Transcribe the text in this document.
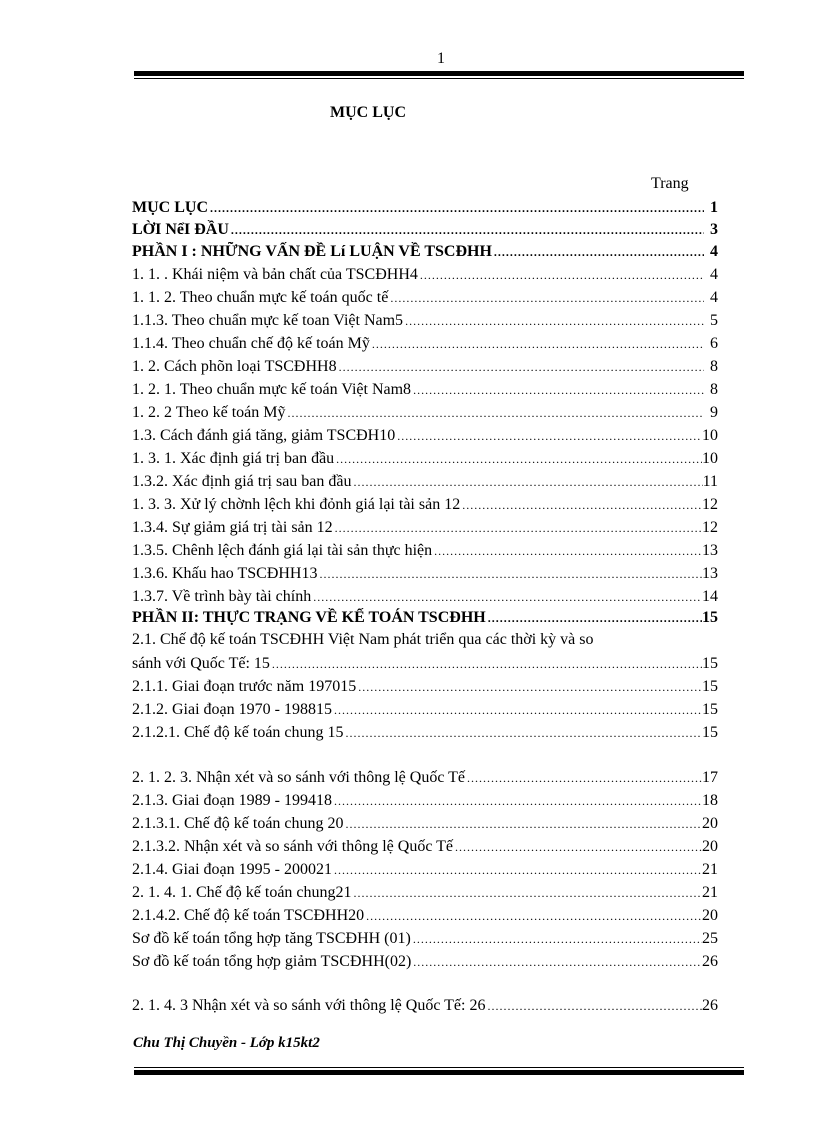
1
MỤC LỤC
Trang
MỤC LỤC .....	1
LỜI NểI ĐẦU .....	3
PHẦN I : NHỮNG VẤN ĐỀ Lí LUẬN VỀ TSCĐHH .....	4
1. 1. . Khái niệm và bản chất của TSCĐHH4 .....	4
1. 1. 2. Theo chuẩn mực kế toán quốc tế .....	4
1.1.3. Theo chuẩn mực kế toan Việt Nam5 .....	5
1.1.4. Theo chuẩn chế độ kế toán Mỹ .....	6
1. 2. Cách phõn loại TSCĐHH8 .....	8
1. 2. 1. Theo chuẩn mực kế toán Việt Nam8 .....	8
1. 2. 2 Theo kế toán Mỹ .....	9
1.3. Cách đánh giá tăng, giảm TSCĐH10 .....	10
1. 3. 1. Xác định giá trị ban đầu .....	10
1.3.2. Xác định giá trị sau ban đầu .....	11
1. 3. 3. Xử lý chờnh lệch khi đỏnh giá lại tài sản 12 .....	12
1.3.4. Sự giảm giá trị tài sản 12 .....	12
1.3.5. Chênh lệch đánh giá lại tài sản thực hiện .....	13
1.3.6. Khấu hao TSCĐHH13 .....	13
1.3.7. Về trình bày tài chính .....	14
PHẦN II: THỰC TRẠNG VỀ KẾ TOÁN TSCĐHH .....	15
2.1. Chế độ kế toán TSCĐHH Việt Nam phát triển qua các thời kỳ và so
sánh với Quốc Tế: 15 .....	15
2.1.1. Giai đoạn trước năm 197015 .....	15
2.1.2. Giai đoạn 1970 - 198815 .....	15
2.1.2.1. Chế độ kế toán chung 15 .....	15
2. 1. 2. 3. Nhận xét và so sánh với thông lệ Quốc Tế .....	17
2.1.3. Giai đoạn 1989 - 199418 .....	18
2.1.3.1. Chế độ kế toán chung 20 .....	20
2.1.3.2. Nhận xét và so sánh với thông lệ Quốc Tế .....	20
2.1.4. Giai đoạn 1995 - 200021 .....	21
2. 1. 4. 1. Chế độ kế toán chung21 .....	21
2.1.4.2. Chế độ kế toán TSCĐHH20 .....	20
Sơ đồ kế toán tổng hợp tăng TSCĐHH (01) .....	25
Sơ đồ kế toán tổng hợp giảm TSCĐHH(02) .....	26
2. 1. 4. 3 Nhận xét và so sánh với thông lệ Quốc Tế: 26 .....	26
Chu Thị Chuyền - Lớp k15kt2
